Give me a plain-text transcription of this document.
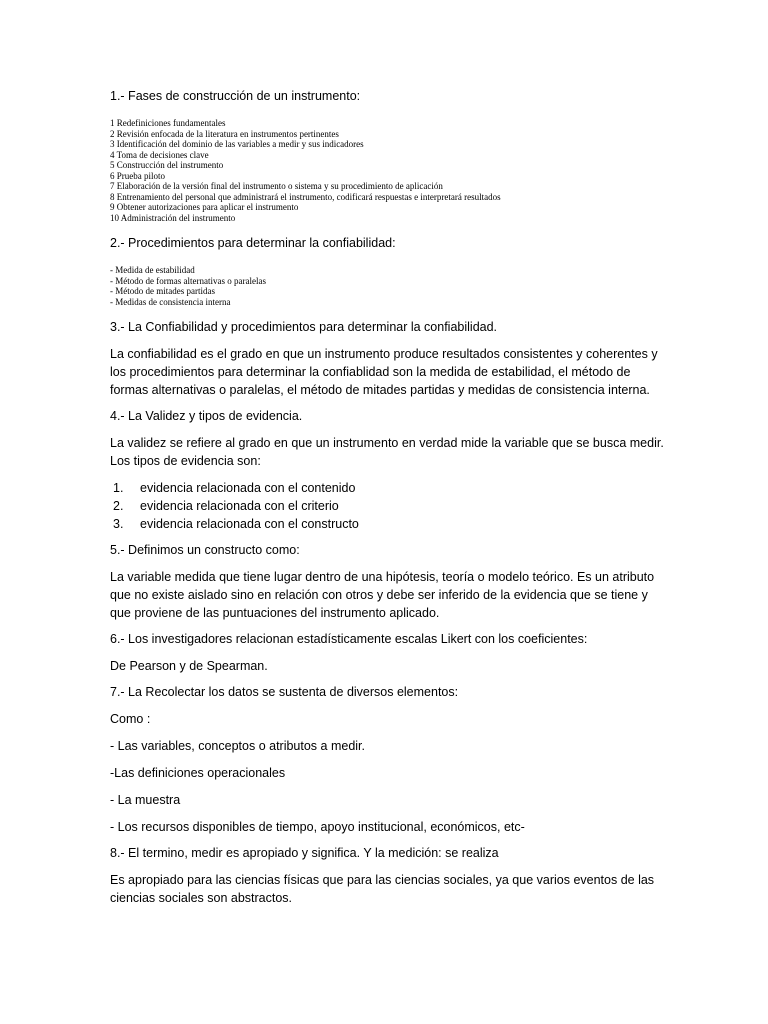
1.- Fases de construcción de un instrumento:

1 Redefiniciones fundamentales
2 Revisión enfocada de la literatura en instrumentos pertinentes
3 Identificación del dominio de las variables a medir y sus indicadores
4 Toma de decisiones clave
5 Construcción del instrumento
6 Prueba piloto
7 Elaboración de la versión final del instrumento o sistema y su procedimiento de aplicación
8 Entrenamiento del personal que administrará el instrumento, codificará respuestas e interpretará resultados
9 Obtener autorizaciones para aplicar el instrumento
10 Administración del instrumento

2.- Procedimientos para determinar la confiabilidad:

- Medida de estabilidad
- Método de formas alternativas o paralelas
- Método de mitades partidas
- Medidas de consistencia interna

3.- La Confiabilidad y procedimientos para determinar la confiabilidad.

La confiabilidad es el grado en que un instrumento produce resultados consistentes y coherentes y los procedimientos para determinar la confiablidad son la medida de estabilidad, el método de formas alternativas o paralelas, el método de mitades partidas y medidas de consistencia interna.

4.- La Validez y tipos de evidencia.

La validez se refiere al grado en que un instrumento en verdad mide la variable que se busca medir. Los tipos de evidencia son:

1.	evidencia relacionada con el contenido
2.	evidencia relacionada con el criterio
3.	evidencia relacionada con el constructo

5.- Definimos un constructo como:

La variable medida que tiene lugar dentro de una hipótesis, teoría o modelo teórico. Es un atributo que no existe aislado sino en relación con otros y debe ser inferido de la evidencia que se tiene y que proviene de las puntuaciones del instrumento aplicado.

6.- Los investigadores relacionan estadísticamente escalas Likert con los coeficientes:

De Pearson y de Spearman.

7.- La Recolectar los datos se sustenta de diversos elementos:

Como :

- Las variables, conceptos o atributos a medir.

-Las definiciones operacionales

- La muestra

- Los recursos disponibles de tiempo, apoyo institucional, económicos, etc-

8.- El termino, medir es apropiado y significa. Y la medición: se realiza

Es apropiado para las ciencias físicas que para las ciencias sociales, ya que varios eventos de las ciencias sociales son abstractos.
